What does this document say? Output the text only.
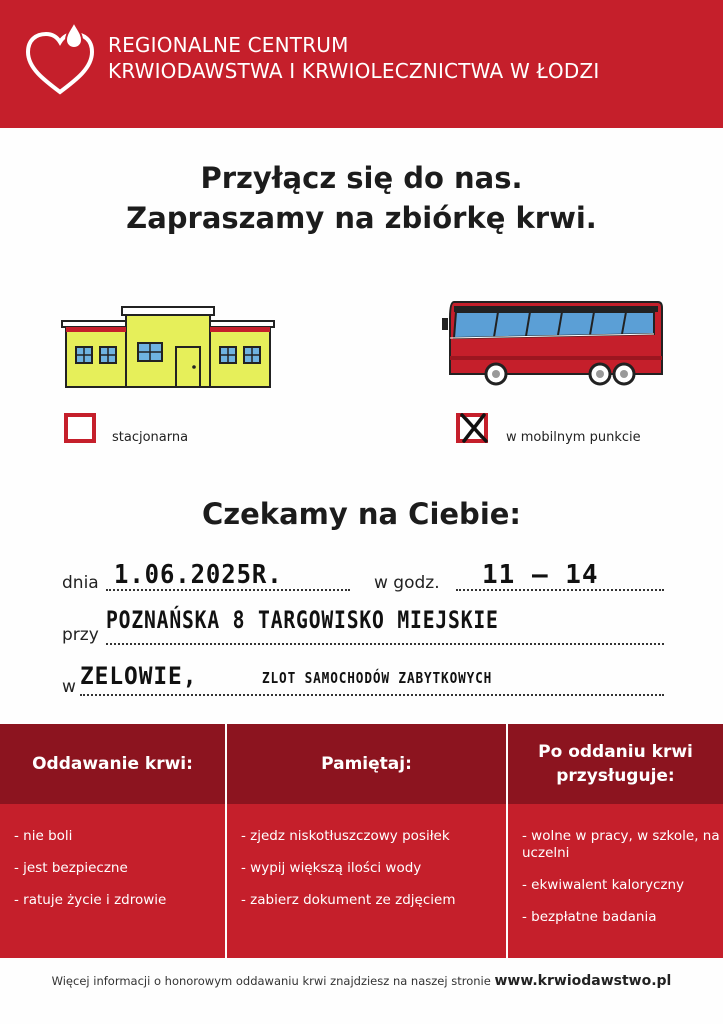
REGIONALNE CENTRUM
KRWIODAWSTWA I KRWIOLECZNICTWA W ŁODZI
Przyłącz się do nas.
Zapraszamy na zbiórkę krwi.
stacjonarna	w mobilnym punkcie
Czekamy na Ciebie:
dnia 1.06.2025R.	w godz. 11 – 14
przy
POZNAŃSKA 8 TARGOWISKO MIEJSKIE
w ZELOWIE,	ZLOT SAMOCHODÓW ZABYTKOWYCH
Oddawanie krwi:
- nie boli
- jest bezpieczne
- ratuje życie i zdrowie
Pamiętaj:
- zjedz niskotłuszczowy posiłek
- wypij większą ilości wody
- zabierz dokument ze zdjęciem
Po oddaniu krwi
przysługuje:
- wolne w pracy, w szkole, na uczelni
- ekwiwalent kaloryczny
- bezpłatne badania
Więcej informacji o honorowym oddawaniu krwi znajdziesz na naszej stronie www.krwiodawstwo.pl
